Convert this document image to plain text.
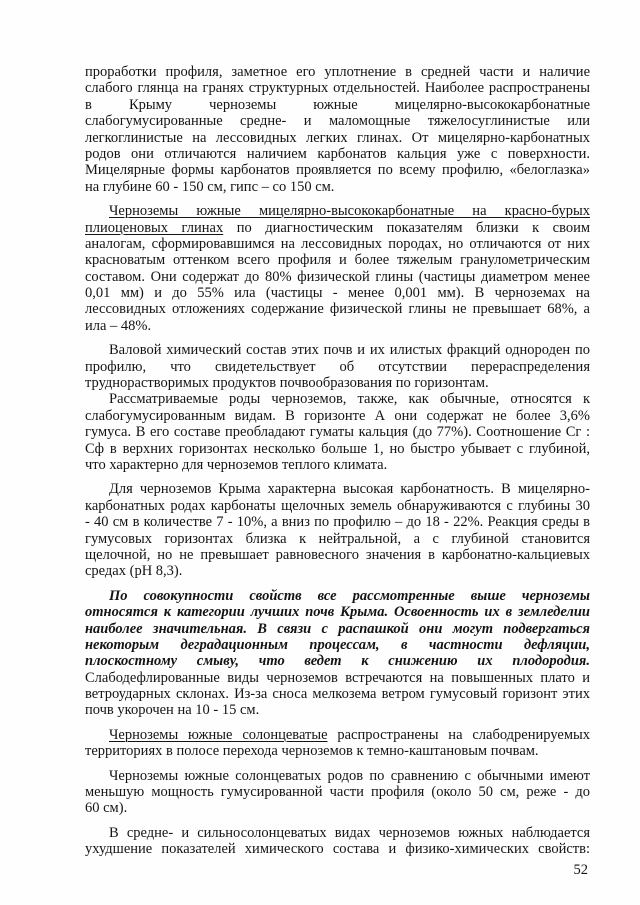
проработки профиля, заметное его уплотнение в средней части и наличие
слабого глянца на гранях структурных отдельностей. Наиболее распространены
в Крыму черноземы южные мицелярно-высококарбонатные
слабогумусированные средне- и маломощные тяжелосуглинистые или
легкоглинистые на лессовидных легких глинах. От мицелярно-карбонатных
родов они отличаются наличием карбонатов кальция уже с поверхности.
Мицелярные формы карбонатов проявляется по всему профилю, «белоглазка»
на глубине 60 - 150 см, гипс – со 150 см.
Черноземы южные мицелярно-высококарбонатные на красно-бурых
плиоценовых глинах по диагностическим показателям близки к своим
аналогам, сформировавшимся на лессовидных породах, но отличаются от них
красноватым оттенком всего профиля и более тяжелым гранулометрическим
составом. Они содержат до 80% физической глины (частицы диаметром менее
0,01 мм) и до 55% ила (частицы - менее 0,001 мм). В черноземах на
лессовидных отложениях содержание физической глины не превышает 68%, а
ила – 48%.
Валовой химический состав этих почв и их илистых фракций однороден по
профилю, что свидетельствует об отсутствии перераспределения
труднорастворимых продуктов почвообразования по горизонтам.
Рассматриваемые роды черноземов, также, как обычные, относятся к
слабогумусированным видам. В горизонте А они содержат не более 3,6%
гумуса. В его составе преобладают гуматы кальция (до 77%). Соотношение Сг :
Сф в верхних горизонтах несколько больше 1, но быстро убывает с глубиной,
что характерно для черноземов теплого климата.
Для черноземов Крыма характерна высокая карбонатность. В мицелярно-
карбонатных родах карбонаты щелочных земель обнаруживаются с глубины 30
- 40 см в количестве 7 - 10%, а вниз по профилю – до 18 - 22%. Реакция среды в
гумусовых горизонтах близка к нейтральной, а с глубиной становится
щелочной, но не превышает равновесного значения в карбонатно-кальциевых
средах (рН 8,3).
По совокупности свойств все рассмотренные выше черноземы
относятся к категории лучших почв Крыма. Освоенность их в земледелии
наиболее значительная. В связи с распашкой они могут подвергаться
некоторым деградационным процессам, в частности дефляции,
плоскостному смыву, что ведет к снижению их плодородия.
Слабодефлированные виды черноземов встречаются на повышенных плато и
ветроударных склонах. Из-за сноса мелкозема ветром гумусовый горизонт этих
почв укорочен на 10 - 15 см.
Черноземы южные солонцеватые распространены на слабодренируемых
территориях в полосе перехода черноземов к темно-каштановым почвам.
Черноземы южные солонцеватых родов по сравнению с обычными имеют
меньшую мощность гумусированной части профиля (около 50 см, реже - до
60 см).
В средне- и сильносолонцеватых видах черноземов южных наблюдается
ухудшение показателей химического состава и физико-химических свойств:
52
